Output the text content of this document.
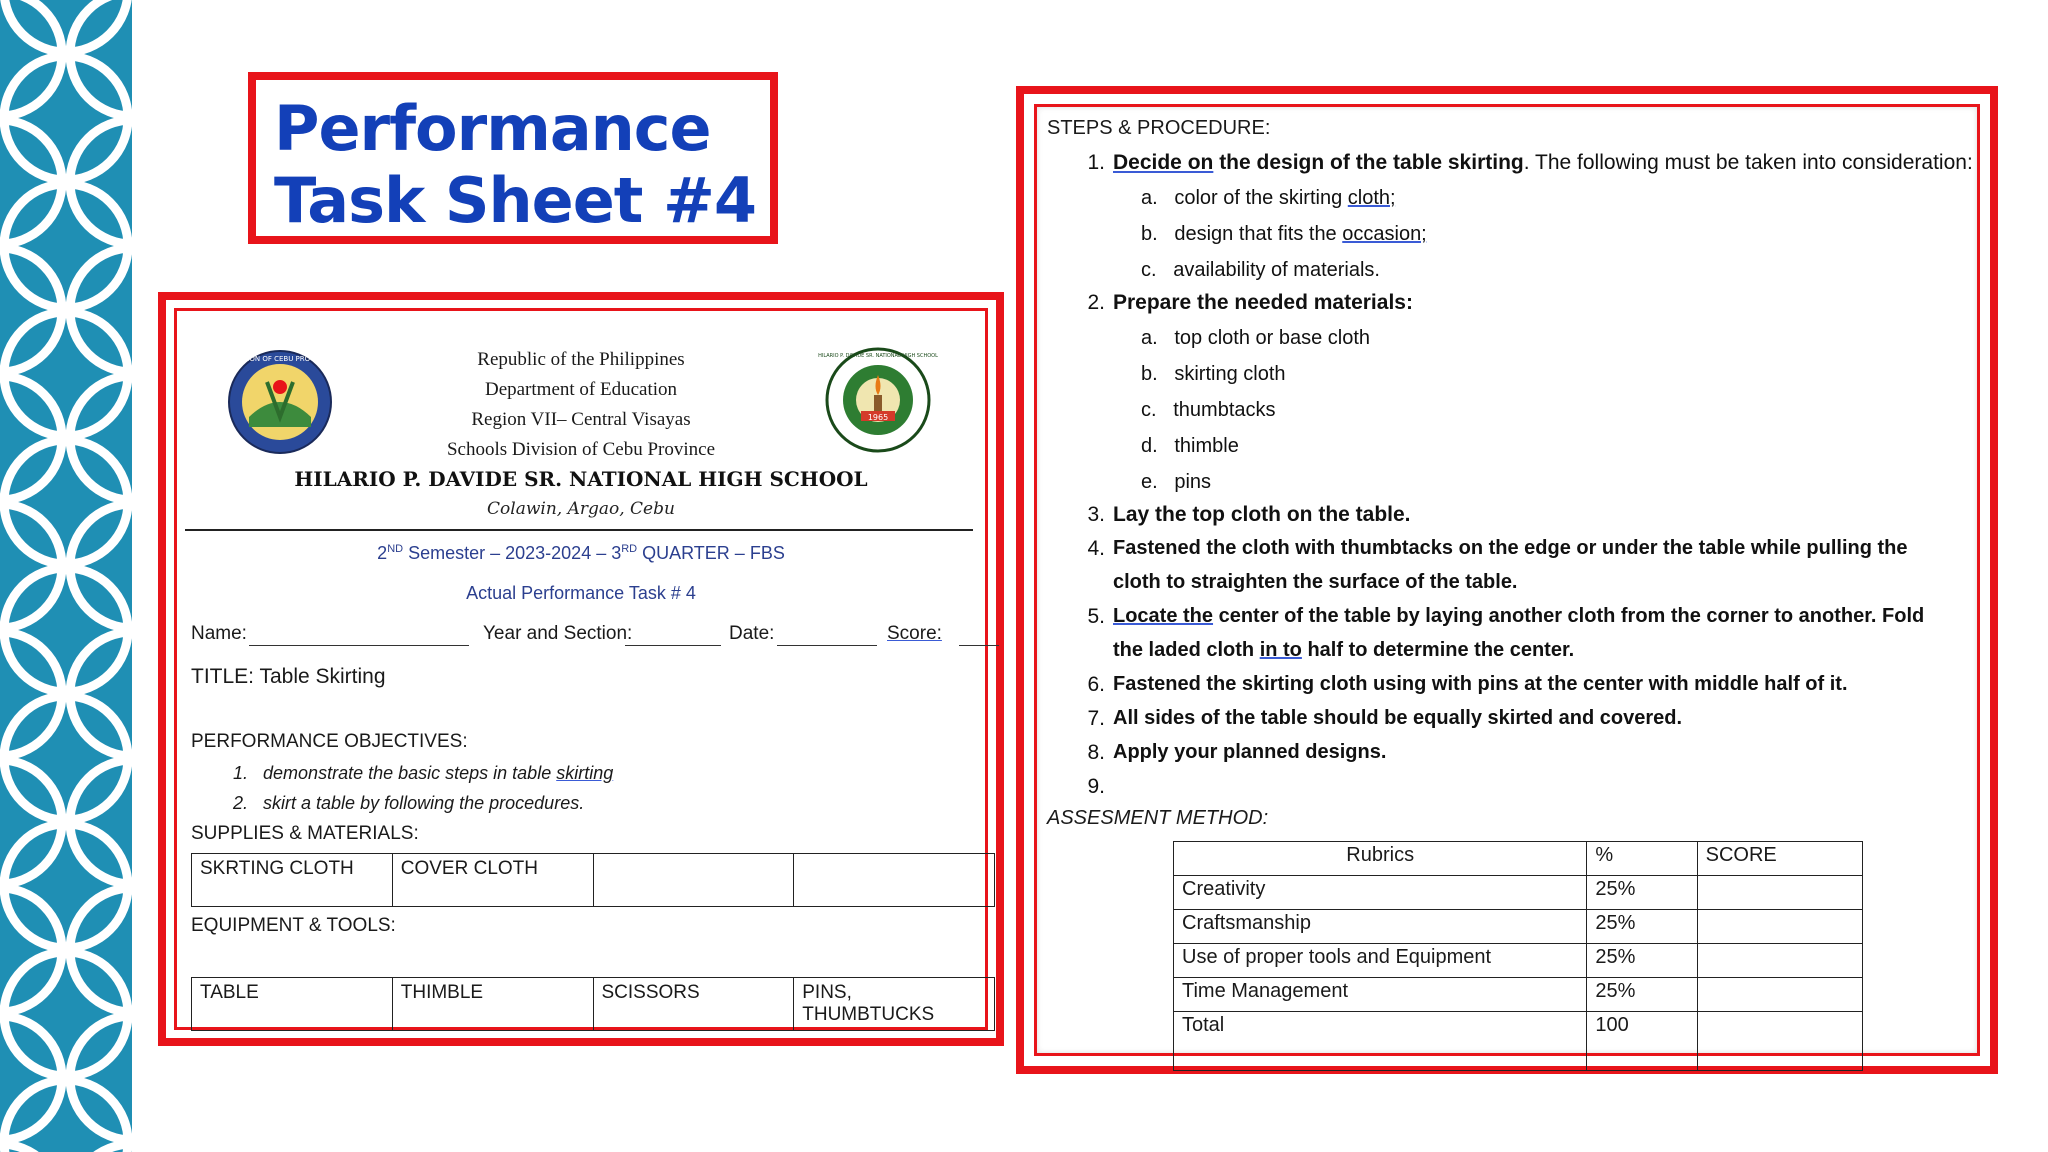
Performance
Task Sheet #4
DIVISION OF CEBU PROVINCE
1965
HILARIO P. DAVIDE SR. NATIONAL HIGH SCHOOL
Republic of the Philippines
Department of Education
Region VII– Central Visayas
Schools Division of Cebu Province
HILARIO P. DAVIDE SR. NATIONAL HIGH SCHOOL
Colawin, Argao, Cebu
2ND Semester – 2023-2024 – 3RD QUARTER – FBS
Actual Performance Task # 4
Name:	Year and Section:	Date:	Score:
TITLE: Table Skirting
PERFORMANCE OBJECTIVES:
1. demonstrate the basic steps in table skirting
2. skirt a table by following the procedures.
SUPPLIES & MATERIALS:
SKRTING CLOTH	COVER CLOTH		
EQUIPMENT & TOOLS:
TABLE	THIMBLE	SCISSORS	PINS, THUMBTUCKS
STEPS & PROCEDURE:
1. Decide on the design of the table skirting. The following must be taken into consideration:
a. color of the skirting cloth;
b. design that fits the occasion;
c. availability of materials.
2. Prepare the needed materials:
a. top cloth or base cloth
b. skirting cloth
c. thumbtacks
d. thimble
e. pins
3. Lay the top cloth on the table.
4. Fastened the cloth with thumbtacks on the edge or under the table while pulling the
cloth to straighten the surface of the table.
5. Locate the center of the table by laying another cloth from the corner to another. Fold
the laded cloth in to half to determine the center.
6. Fastened the skirting cloth using with pins at the center with middle half of it.
7. All sides of the table should be equally skirted and covered.
8. Apply your planned designs.
9.
ASSESMENT METHOD:
Rubrics	%	SCORE
Creativity	25%	
Craftsmanship	25%	
Use of proper tools and Equipment	25%	
Time Management	25%	
Total	100	
